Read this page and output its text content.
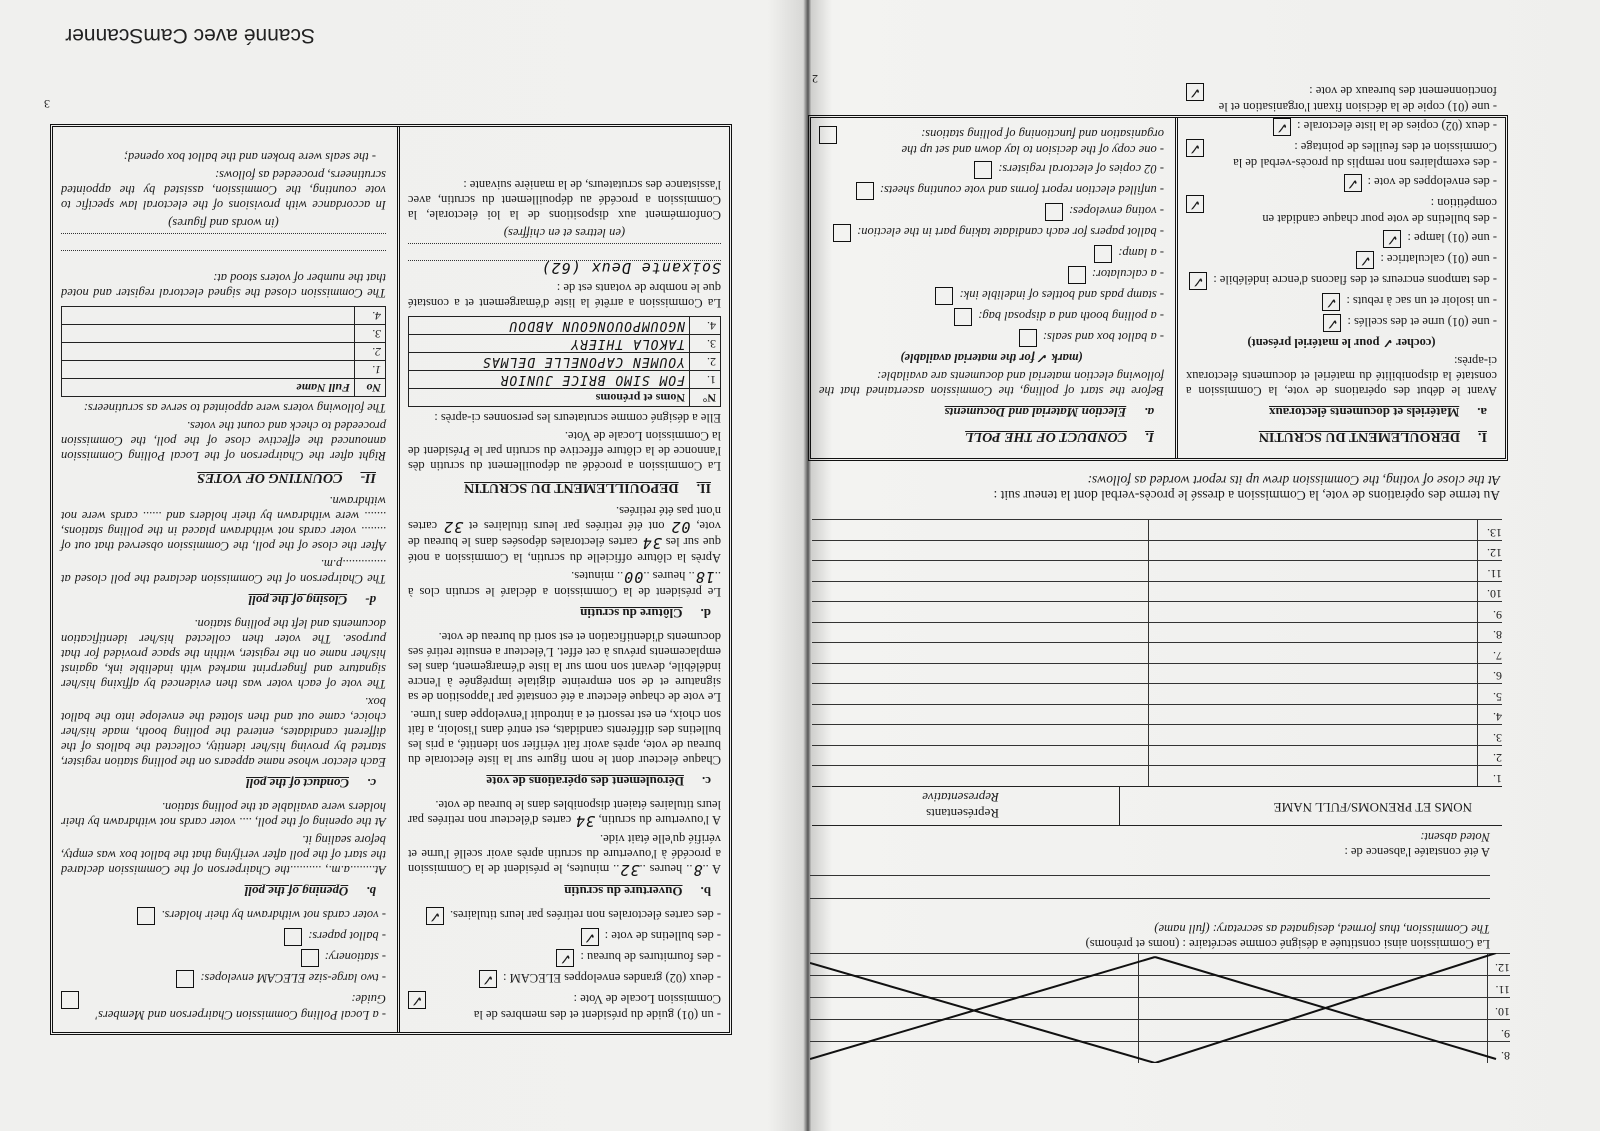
8.
9.
10.
11.
12.
La Commission ainsi constituée a désigné comme secrétaire : (noms et prénoms)
The Commission, thus formed, designated as secretary: (full name)
A été constatée l'absence de :
Noted absent:
NOMS ET PRENOMS/FULL NAME
Représentants
Representative
1.
2.
3.
4.
5.
6.
7.
8.
9.
10.
11.
12.
13.
Au terme des opérations de vote, la Commission a dressé le procès-verbal dont la teneur suit :
At the close of voting, the Commission drew up its report worded as follows:
I.
DEROULEMENT DU SCRUTIN
a.
Matériels et documents électoraux

Avant le début des opérations de vote, la Commission a constaté la disponibilité du matériel et documents électoraux ci-après:

(cocher ✓ pour le matériel présent)

- une (01) urne et des scellés :
✓
- un isoloir et un sac à rebuts :
✓
- des tampons encreurs et des flacons d'encre indélébile :
✓
- une (01) calculatrice :
✓
- une (01) lampe :
✓
- des bulletins de vote pour chaque candidat en compétition :
✓
- des enveloppes de vote :
✓
- des exemplaires non remplis du procès-verbal de la Commission et des feuilles de pointage :
✓
- deux (02) copies de la liste électorale :
✓
- une (01) copie de la décision fixant l'organisation et le fonctionnement des bureaux de vote :
✓
I.
CONDUCT OF THE POLL
a.
Election Material and Documents

Before the start of polling, the Commission ascertained that the following election material and documents are available:

(mark ✓ for the material available)

- a ballot box and seals:
- a polling booth and a disposal bag:
- stamp pads and bottles of indelible ink:
- a calculator:
- a lamp:
- ballot papers for each candidate taking part in the election:
- voting envelopes:
- unfilled election report forms and vote counting sheets:
- 02 copies of electoral registers:
- one copy of the decision to lay down and set up the organisation and functioning of polling stations:
2
- un (01) guide du président et des membres de la Commission Locale de Vote :
✓
- deux (02) grandes enveloppes ELECAM :
✓
- des fournitures de bureau :
✓
- des bulletins de vote :
✓
- des cartes électorales non retirées par leurs titulaires.
✓
b.
Ouverture du scrutin

A ..8.. heures ..32.. minutes, le président de la Commission a procédé à l'ouverture du scrutin après avoir scellé l'urne et vérifié qu'elle était vide.

A l'ouverture du scrutin, 34 cartes d'électeur non retirées par leurs titulaires étaient disponibles dans le bureau de vote.

c.
Déroulement des opérations de vote

Chaque électeur dont le nom figure sur la liste électorale du bureau de vote, après avoir fait vérifier son identité, a pris les bulletins des différents candidats, est entré dans l'isoloir, a fait son choix, en est ressorti et a introduit l'enveloppe dans l'urne.

Le vote de chaque électeur a été constaté par l'apposition de sa signature et de son empreinte digitale imprégnée à l'encre indélébile, devant son nom sur la liste d'émargement, dans les emplacements prévus à cet effet. L'électeur a ensuite retiré ses documents d'identification et est sorti du bureau de vote.

d.
Clôture du scrutin

Le président de la Commission a déclaré le scrutin clos à ..18.. heures ..00.. minutes.

Après la clôture officielle du scrutin, la Commission a noté que sur les 34 cartes électorales déposées dans le bureau de vote, 02 ont été retirées par leurs titulaires et 32 cartes n'ont pas été retirées.

II.
DEPOUILLEMENT DU SCRUTIN

La Commission a procédé au dépouillement du scrutin dès l'annonce de la clôture effective du scrutin par le Président de la Commission Locale de Vote.

Elle a désigné comme scrutateurs les personnes ci-après :

N°	Noms et prénoms
1.	FOM SIMO BRICE JUNIOR
2.	YOUMEN CAPONELLE DELMAS
3.	TAKOLA THIERY
4.	NGOUMPOUONGOUN ABDOU

La Commission a arrêté la liste d'émargement et a constaté que le nombre de votants est de :

Soixante Deux (62)

(en lettres et en chiffres)

Conformément aux dispositions de la loi électorale, la Commission a procédé au dépouillement du scrutin, avec l'assistance des scrutateurs, de la manière suivante :

- a Local Polling Commission Chairperson and Members' Guide:
- two large-size ELECAM envelopes:
- stationery:
- ballot papers:
- voter cards not withdrawn by their holders.
b.
Opening of the poll

At........a.m., ..........the Chairperson of the Commission declared the start of the poll after verifying that the ballot box was empty, before sealing it.

At the opening of the poll, .... voter cards not withdrawn by their holders were available at the polling station.

c.
Conduct of the poll

Each elector whose name appears on the polling station register, started by proving his/her identity, collected the ballots of the different candidates, entered the polling booth, made his/her choice, came out and then slotted the envelope into the ballot box.

The vote of each voter was then evidenced by affixing his/her signature and fingerprint marked with indelible ink, against his/her name on the register, within the space provided for that purpose. The voter then collected his/her identification documents and left the polling station.

d-
Closing of the poll

The Chairperson of the Commission declared the poll closed at ..............p.m.

After the close of the poll, the Commission observed that out of ........ voter cards not withdrawn placed in the polling stations, ....... were withdrawn by their holders and ...... cards were not withdrawn.

II-
COUNTING OF VOTES

Right after the Chairperson of the Local Polling Commission announced the effective close of the poll, the Commission proceeded to check and count the votes.

The following voters were appointed to serve as scrutineers:

No	Full Name
1.	
2.	
3.	
4.	

The Commission closed the signed electoral register and noted that the number of voters stood at:

(in words and figures)

In accordance with provisions of the electoral law specific to vote counting, the Commission, assisted by the appointed scrutineers, proceeded as follows:

- the seals were broken and the ballot box opened;

3
Scanné avec CamScanner
